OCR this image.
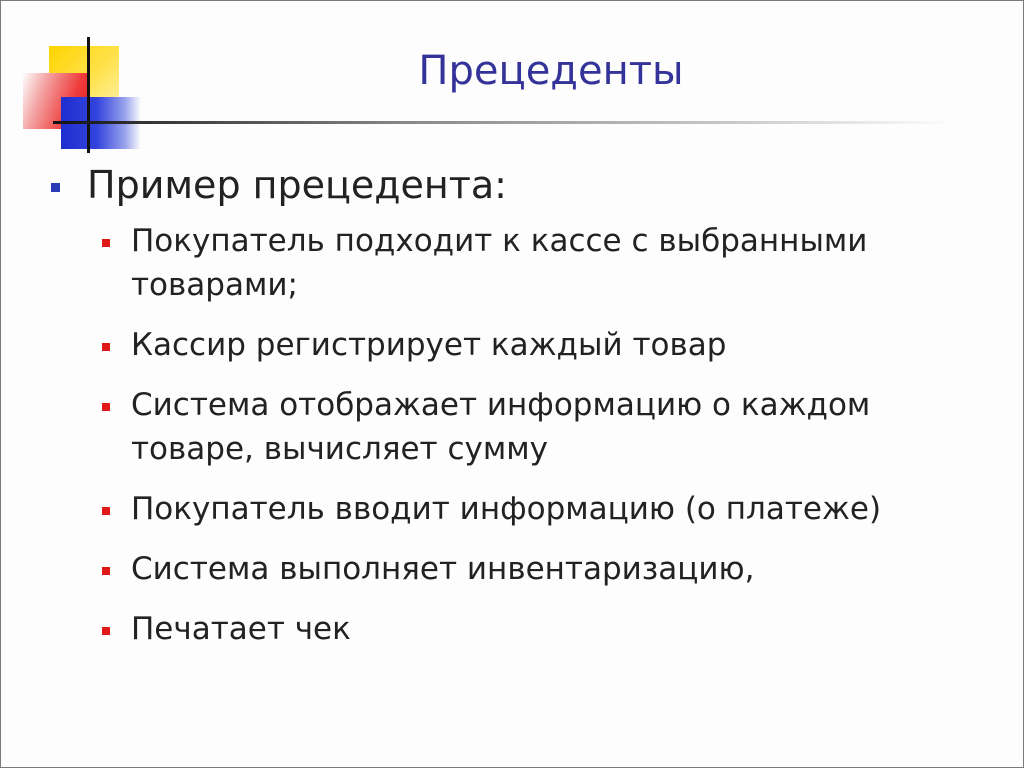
Прецеденты
Пример прецедента:
Покупатель подходит к кассе с выбранными товарами;
Кассир регистрирует каждый товар
Система отображает информацию о каждом товаре, вычисляет сумму
Покупатель вводит информацию (о платеже)
Система выполняет инвентаризацию,
Печатает чек
